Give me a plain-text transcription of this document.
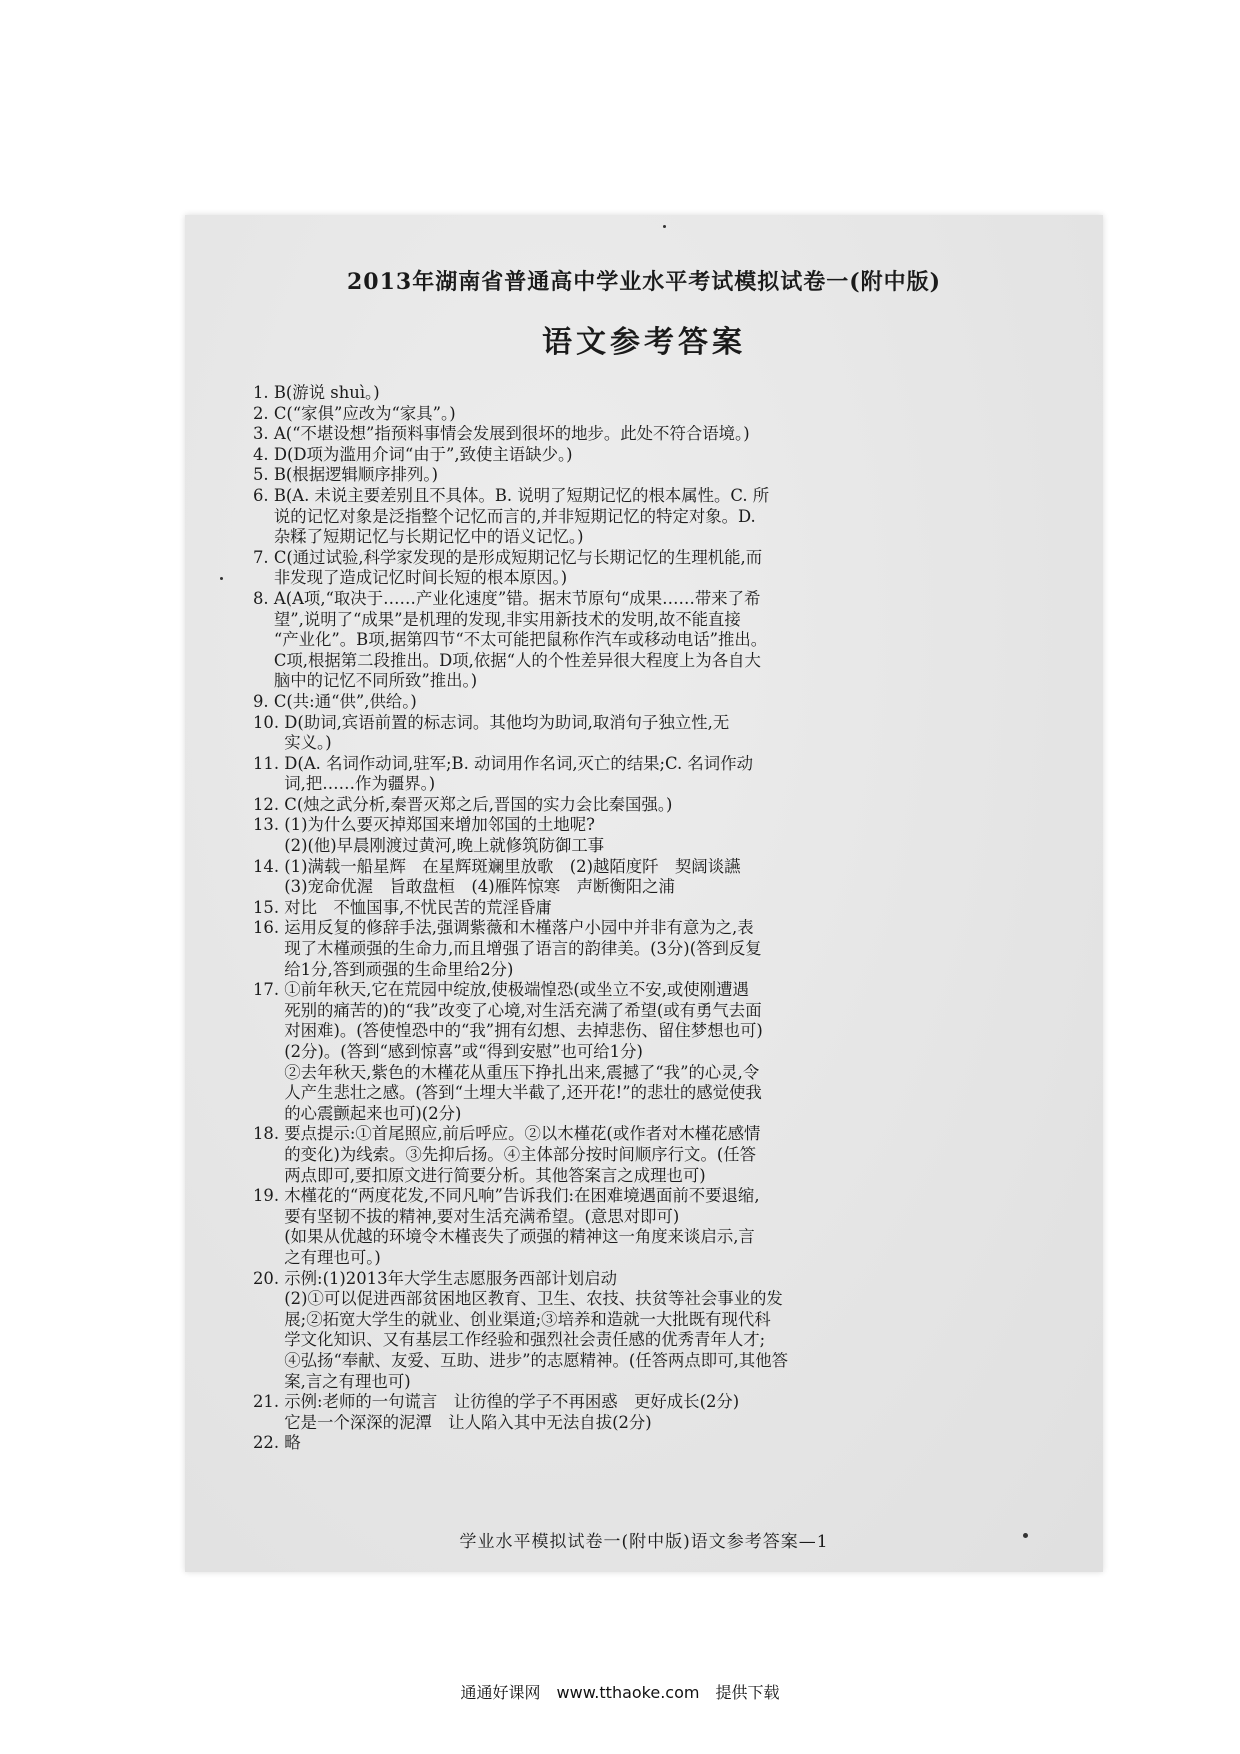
2013年湖南省普通高中学业水平考试模拟试卷一(附中版)
语文参考答案
1. B(游说 shuì。)
2. C(“家俱”应改为“家具”。)
3. A(“不堪设想”指预料事情会发展到很坏的地步。此处不符合语境。)
4. D(D项为滥用介词“由于”,致使主语缺少。)
5. B(根据逻辑顺序排列。)
6. B(A. 未说主要差别且不具体。B. 说明了短期记忆的根本属性。C. 所
说的记忆对象是泛指整个记忆而言的,并非短期记忆的特定对象。D.
杂糅了短期记忆与长期记忆中的语义记忆。)
7. C(通过试验,科学家发现的是形成短期记忆与长期记忆的生理机能,而
非发现了造成记忆时间长短的根本原因。)
8. A(A项,“取决于……产业化速度”错。据末节原句“成果……带来了希
望”,说明了“成果”是机理的发现,非实用新技术的发明,故不能直接
“产业化”。B项,据第四节“不太可能把鼠称作汽车或移动电话”推出。
C项,根据第二段推出。D项,依据“人的个性差异很大程度上为各自大
脑中的记忆不同所致”推出。)
9. C(共:通“供”,供给。)
10. D(助词,宾语前置的标志词。其他均为助词,取消句子独立性,无
实义。)
11. D(A. 名词作动词,驻军;B. 动词用作名词,灭亡的结果;C. 名词作动
词,把……作为疆界。)
12. C(烛之武分析,秦晋灭郑之后,晋国的实力会比秦国强。)
13. (1)为什么要灭掉郑国来增加邻国的土地呢?
(2)(他)早晨刚渡过黄河,晚上就修筑防御工事
14. (1)满载一船星辉　在星辉斑斓里放歌　(2)越陌度阡　契阔谈讌
(3)宠命优渥　旨敢盘桓　(4)雁阵惊寒　声断衡阳之浦
15. 对比　不恤国事,不忧民苦的荒淫昏庸
16. 运用反复的修辞手法,强调紫薇和木槿落户小园中并非有意为之,表
现了木槿顽强的生命力,而且增强了语言的韵律美。(3分)(答到反复
给1分,答到顽强的生命里给2分)
17. ①前年秋天,它在荒园中绽放,使极端惶恐(或坐立不安,或使刚遭遇
死别的痛苦的)的“我”改变了心境,对生活充满了希望(或有勇气去面
对困难)。(答使惶恐中的“我”拥有幻想、去掉悲伤、留住梦想也可)
(2分)。(答到“感到惊喜”或“得到安慰”也可给1分)
②去年秋天,紫色的木槿花从重压下挣扎出来,震撼了“我”的心灵,令
人产生悲壮之感。(答到“土埋大半截了,还开花!”的悲壮的感觉使我
的心震颤起来也可)(2分)
18. 要点提示:①首尾照应,前后呼应。②以木槿花(或作者对木槿花感情
的变化)为线索。③先抑后扬。④主体部分按时间顺序行文。(任答
两点即可,要扣原文进行简要分析。其他答案言之成理也可)
19. 木槿花的“两度花发,不同凡响”告诉我们:在困难境遇面前不要退缩,
要有坚韧不拔的精神,要对生活充满希望。(意思对即可)
(如果从优越的环境令木槿丧失了顽强的精神这一角度来谈启示,言
之有理也可。)
20. 示例:(1)2013年大学生志愿服务西部计划启动
(2)①可以促进西部贫困地区教育、卫生、农技、扶贫等社会事业的发
展;②拓宽大学生的就业、创业渠道;③培养和造就一大批既有现代科
学文化知识、又有基层工作经验和强烈社会责任感的优秀青年人才;
④弘扬“奉献、友爱、互助、进步”的志愿精神。(任答两点即可,其他答
案,言之有理也可)
21. 示例:老师的一句谎言　让彷徨的学子不再困惑　更好成长(2分)
它是一个深深的泥潭　让人陷入其中无法自拔(2分)
22. 略
学业水平模拟试卷一(附中版)语文参考答案—1
通通好课网　www.tthaoke.com　提供下载
